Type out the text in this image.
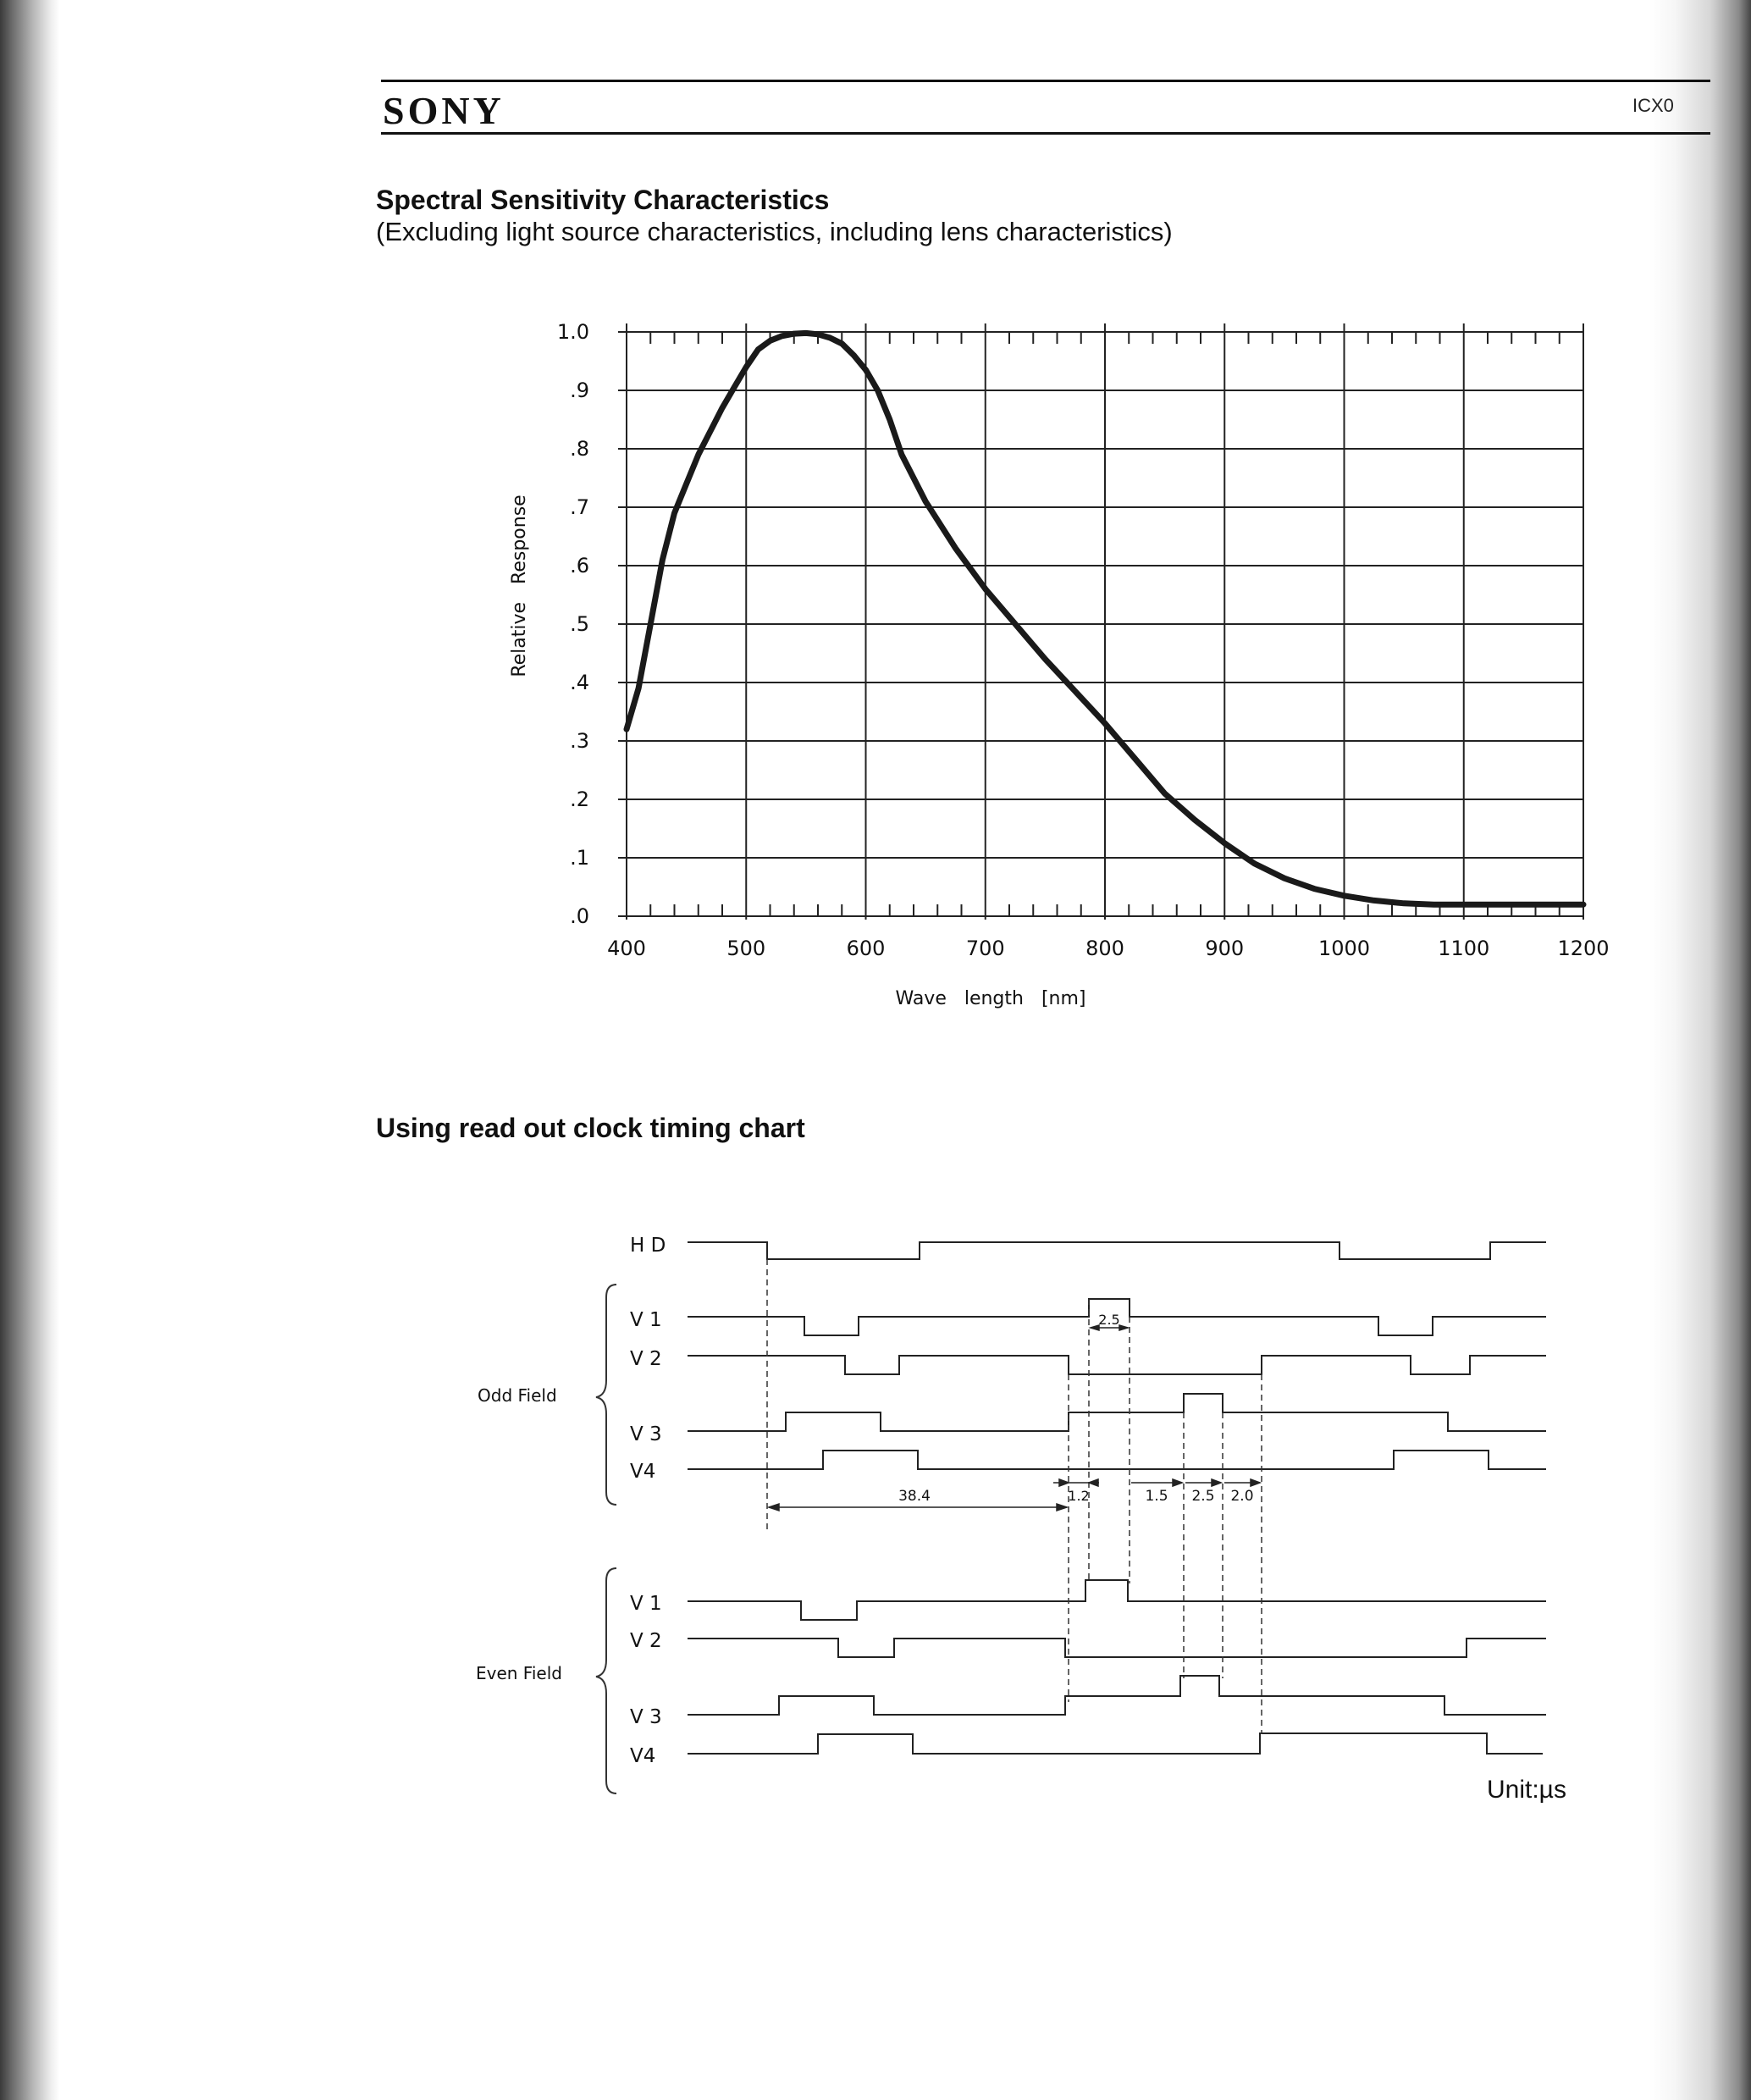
SONY	ICX0
Spectral Sensitivity Characteristics
(Excluding light source characteristics, including lens characteristics)
400	500	600	700	800	900	1000	1100	1200
.0
.1
.2
.3
.4
.5
.6
.7
.8
.9
1.0
Wave   length   [nm]
Relative   Response
Using read out clock timing chart
H D
V 1
V 2
V 3
V4
Odd Field
V 1
V 2
V 3
V4
Even Field
38.4
2.5
1.2	1.5 2.5 2.0
Unit:µs
